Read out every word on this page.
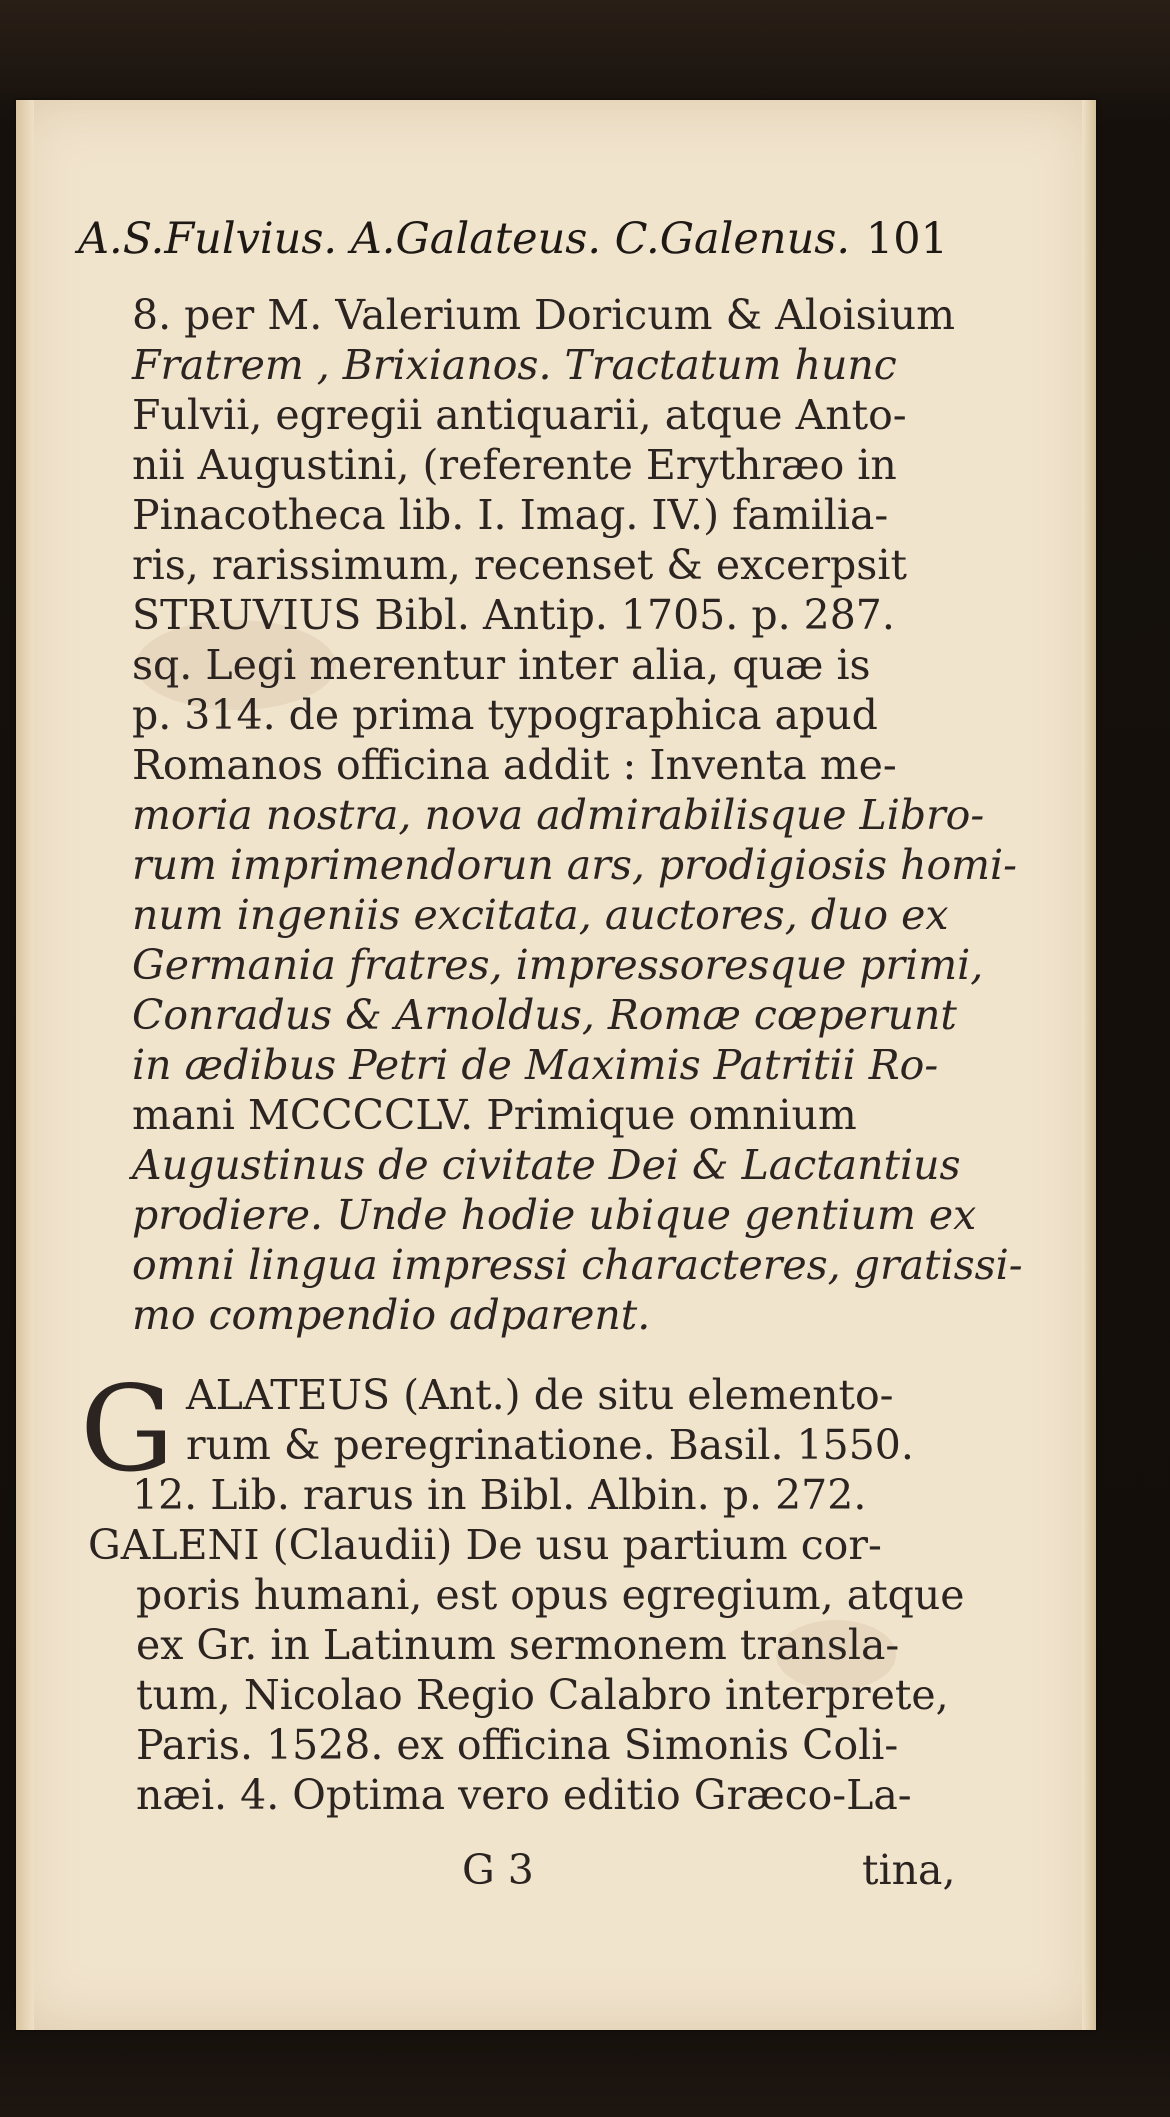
A.S.Fulvius. A.Galateus. C.Galenus. 101
8. per M. Valerium Doricum & Aloisium
Fratrem , Brixianos. Tractatum hunc
Fulvii, egregii antiquarii, atque Anto-
nii Augustini, (referente Erythræo in
Pinacotheca lib. I. Imag. IV.) familia-
ris, rarissimum, recenset & excerpsit
STRUVIUS Bibl. Antip. 1705. p. 287.
sq. Legi merentur inter alia, quæ is
p. 314. de prima typographica apud
Romanos officina addit : Inventa me-
moria nostra, nova admirabilisque Libro-
rum imprimendorun ars, prodigiosis homi-
num ingeniis excitata, auctores, duo ex
Germania fratres, impressoresque primi,
Conradus & Arnoldus, Romæ cœperunt
in ædibus Petri de Maximis Patritii Ro-
mani MCCCCLV. Primique omnium
Augustinus de civitate Dei & Lactantius
prodiere. Unde hodie ubique gentium ex
omni lingua impressi characteres, gratissi-
mo compendio adparent.
ALATEUS (Ant.) de situ elemento-
rum & peregrinatione. Basil. 1550.
12. Lib. rarus in Bibl. Albin. p. 272.
GALENI (Claudii) De usu partium cor-
poris humani, est opus egregium, atque
ex Gr. in Latinum sermonem transla-
tum, Nicolao Regio Calabro interprete,
Paris. 1528. ex officina Simonis Coli-
næi. 4. Optima vero editio Græco-La-
G
G 3	tina,
